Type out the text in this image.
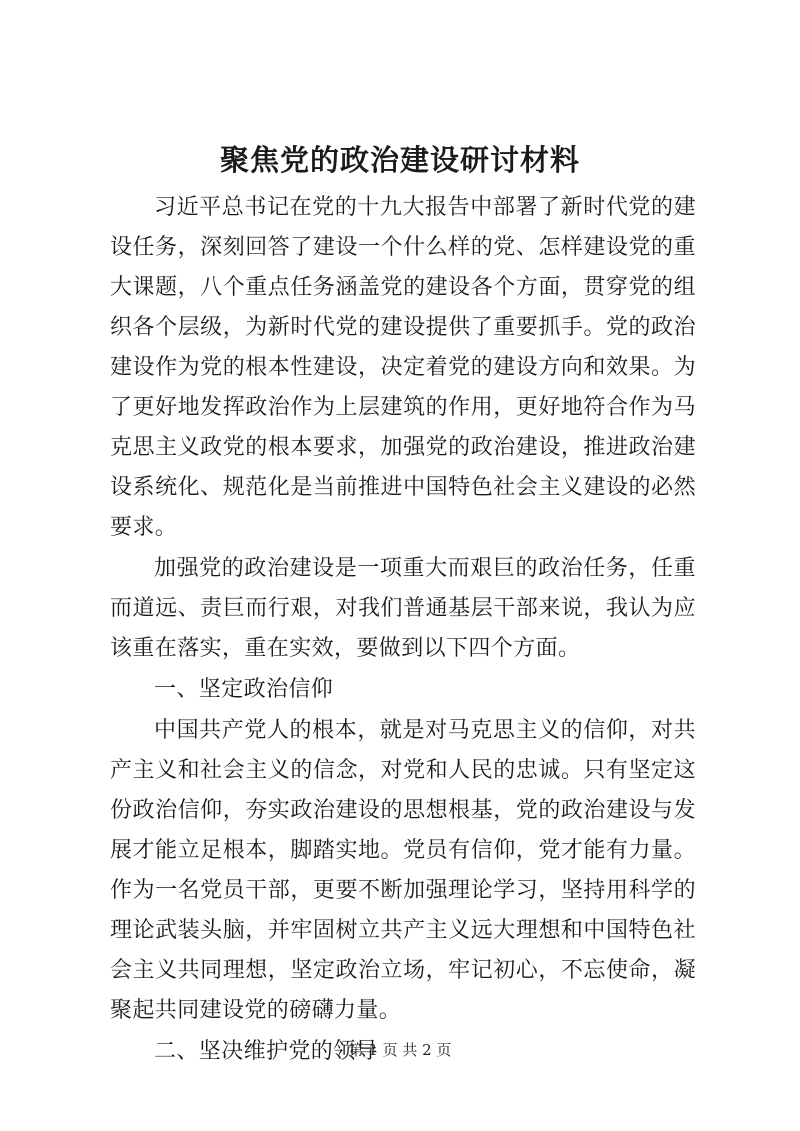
聚焦党的政治建设研讨材料

习近平总书记在党的十九大报告中部署了新时代党的建设任务，深刻回答了建设一个什么样的党、怎样建设党的重大课题，八个重点任务涵盖党的建设各个方面，贯穿党的组织各个层级，为新时代党的建设提供了重要抓手。党的政治建设作为党的根本性建设，决定着党的建设方向和效果。为了更好地发挥政治作为上层建筑的作用，更好地符合作为马克思主义政党的根本要求，加强党的政治建设，推进政治建设系统化、规范化是当前推进中国特色社会主义建设的必然要求。

加强党的政治建设是一项重大而艰巨的政治任务，任重而道远、责巨而行艰，对我们普通基层干部来说，我认为应该重在落实，重在实效，要做到以下四个方面。

一、坚定政治信仰

中国共产党人的根本，就是对马克思主义的信仰，对共产主义和社会主义的信念，对党和人民的忠诚。只有坚定这份政治信仰，夯实政治建设的思想根基，党的政治建设与发展才能立足根本，脚踏实地。党员有信仰，党才能有力量。作为一名党员干部，更要不断加强理论学习，坚持用科学的理论武装头脑，并牢固树立共产主义远大理想和中国特色社会主义共同理想，坚定政治立场，牢记初心，不忘使命，凝聚起共同建设党的磅礴力量。

二、坚决维护党的领导

第 1 页 共 2 页
